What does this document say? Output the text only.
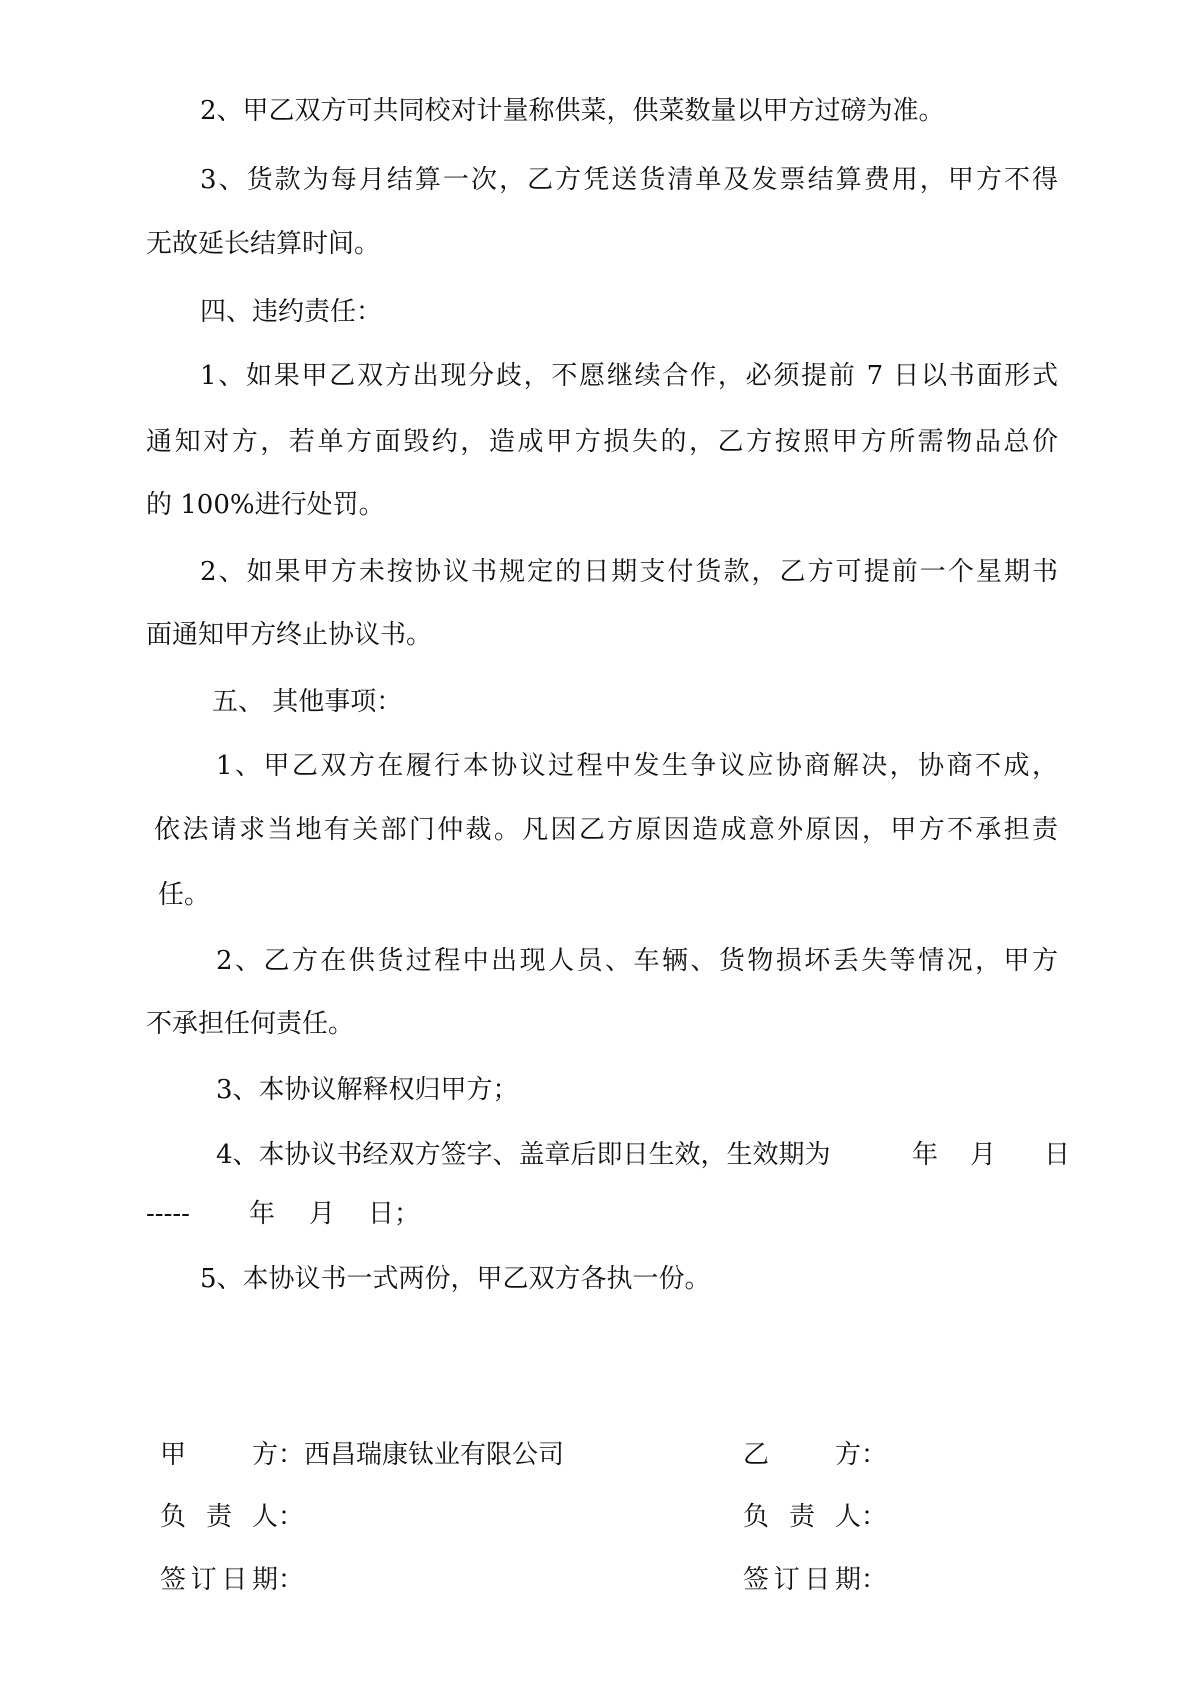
2、甲乙双方可共同校对计量称供菜，供菜数量以甲方过磅为准。
3、货款为每月结算一次，乙方凭送货清单及发票结算费用，甲方不得
无故延长结算时间。
四、违约责任：
1、如果甲乙双方出现分歧，不愿继续合作，必须提前 7 日以书面形式
通知对方，若单方面毁约，造成甲方损失的，乙方按照甲方所需物品总价
的 100%进行处罚。
2、如果甲方未按协议书规定的日期支付货款，乙方可提前一个星期书
面通知甲方终止协议书。
五、 其他事项：
1、甲乙双方在履行本协议过程中发生争议应协商解决，协商不成，
依法请求当地有关部门仲裁。凡因乙方原因造成意外原因，甲方不承担责
任。
2、乙方在供货过程中出现人员、车辆、货物损坏丢失等情况，甲方
不承担任何责任。
3、本协议解释权归甲方；
4、本协议书经双方签字、盖章后即日生效，生效期为	年 月 日
----- 年 月 日；
5、本协议书一式两份，甲乙双方各执一份。
甲方：西昌瑞康钛业有限公司
负责人：
签订日期：
乙方：
负责人：
签订日期：
